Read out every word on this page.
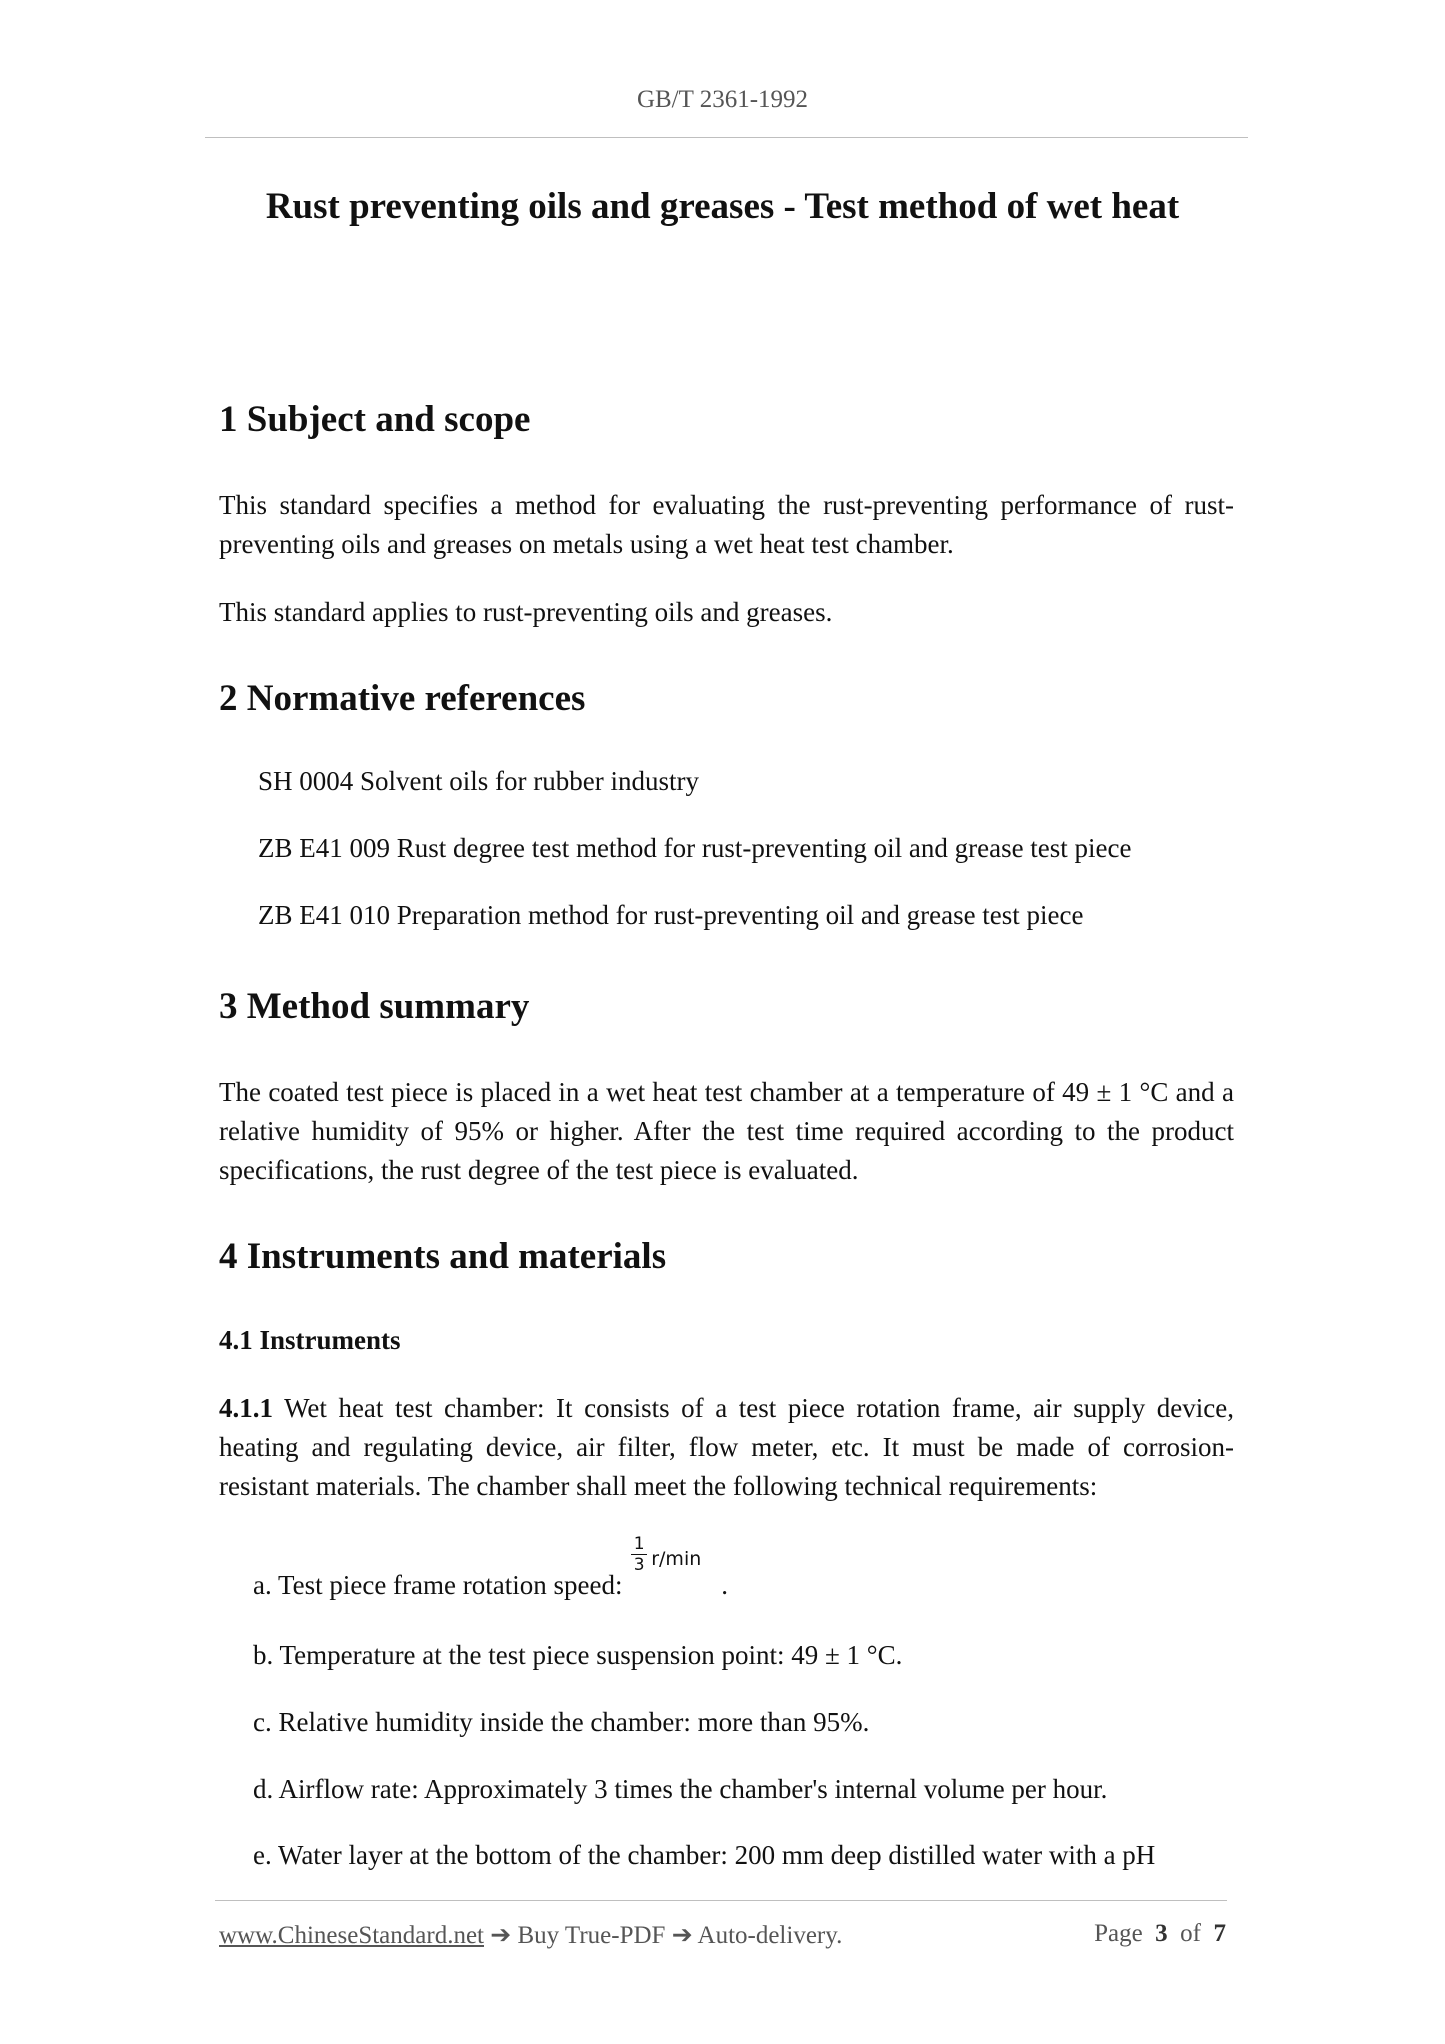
GB/T 2361-1992
Rust preventing oils and greases - Test method of wet heat
1 Subject and scope

This standard specifies a method for evaluating the rust-preventing performance of rust-preventing oils and greases on metals using a wet heat test chamber.

This standard applies to rust-preventing oils and greases.

2 Normative references

SH 0004 Solvent oils for rubber industry

ZB E41 009 Rust degree test method for rust-preventing oil and grease test piece

ZB E41 010 Preparation method for rust-preventing oil and grease test piece

3 Method summary

The coated test piece is placed in a wet heat test chamber at a temperature of 49 ± 1 °C and a relative humidity of 95% or higher. After the test time required according to the product specifications, the rust degree of the test piece is evaluated.

4 Instruments and materials
4.1 Instruments

4.1.1 Wet heat test chamber: It consists of a test piece rotation frame, air supply device, heating and regulating device, air filter, flow meter, etc. It must be made of corrosion-resistant materials. The chamber shall meet the following technical requirements:

a. Test piece frame rotation speed:
1
3 r/min
.

b. Temperature at the test piece suspension point: 49 ± 1 °C.

c. Relative humidity inside the chamber: more than 95%.

d. Airflow rate: Approximately 3 times the chamber's internal volume per hour.

e. Water layer at the bottom of the chamber: 200 mm deep distilled water with a pH

www.ChineseStandard.net ➔ Buy True-PDF ➔ Auto-delivery.	Page 3 of 7
